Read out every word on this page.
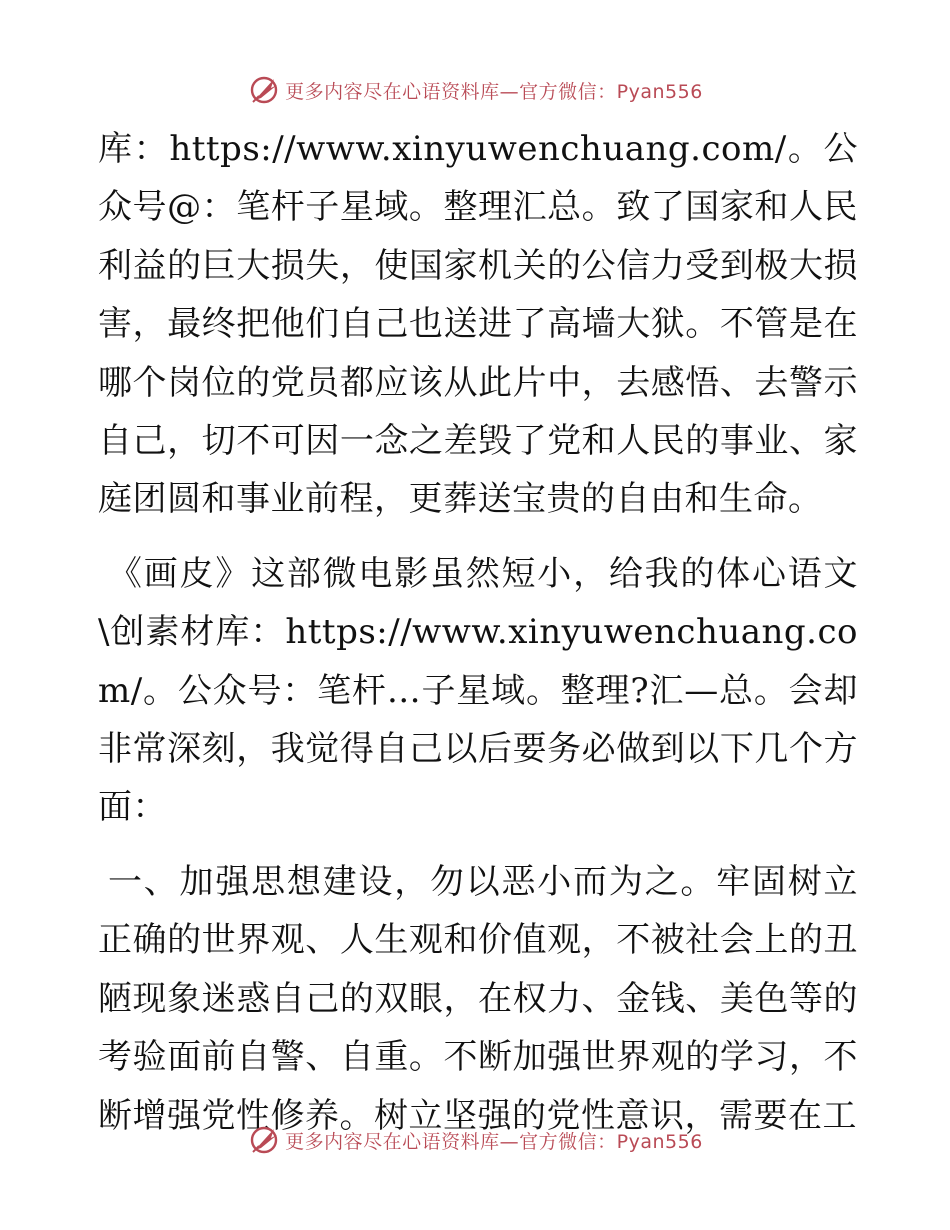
更多内容尽在心语资料库—官方微信：Pyan556

库：https://www.xinyuwenchuang.com/。公众号@：笔杆子星域。整理汇总。致了国家和人民利益的巨大损失，使国家机关的公信力受到极大损害，最终把他们自己也送进了高墙大狱。不管是在哪个岗位的党员都应该从此片中，去感悟、去警示自己，切不可因一念之差毁了党和人民的事业、家庭团圆和事业前程，更葬送宝贵的自由和生命。

《画皮》这部微电影虽然短小，给我的体心语文\创素材库：https://www.xinyuwenchuang.com/。公众号：笔杆…子星域。整理?汇—总。会却非常深刻，我觉得自己以后要务必做到以下几个方面：

一、加强思想建设，勿以恶小而为之。牢固树立正确的世界观、人生观和价值观，不被社会上的丑陋现象迷惑自己的双眼，在权力、金钱、美色等的考验面前自警、自重。不断加强世界观的学习，不断增强党性修养。树立坚强的党性意识，需要在工

更多内容尽在心语资料库—官方微信：Pyan556
